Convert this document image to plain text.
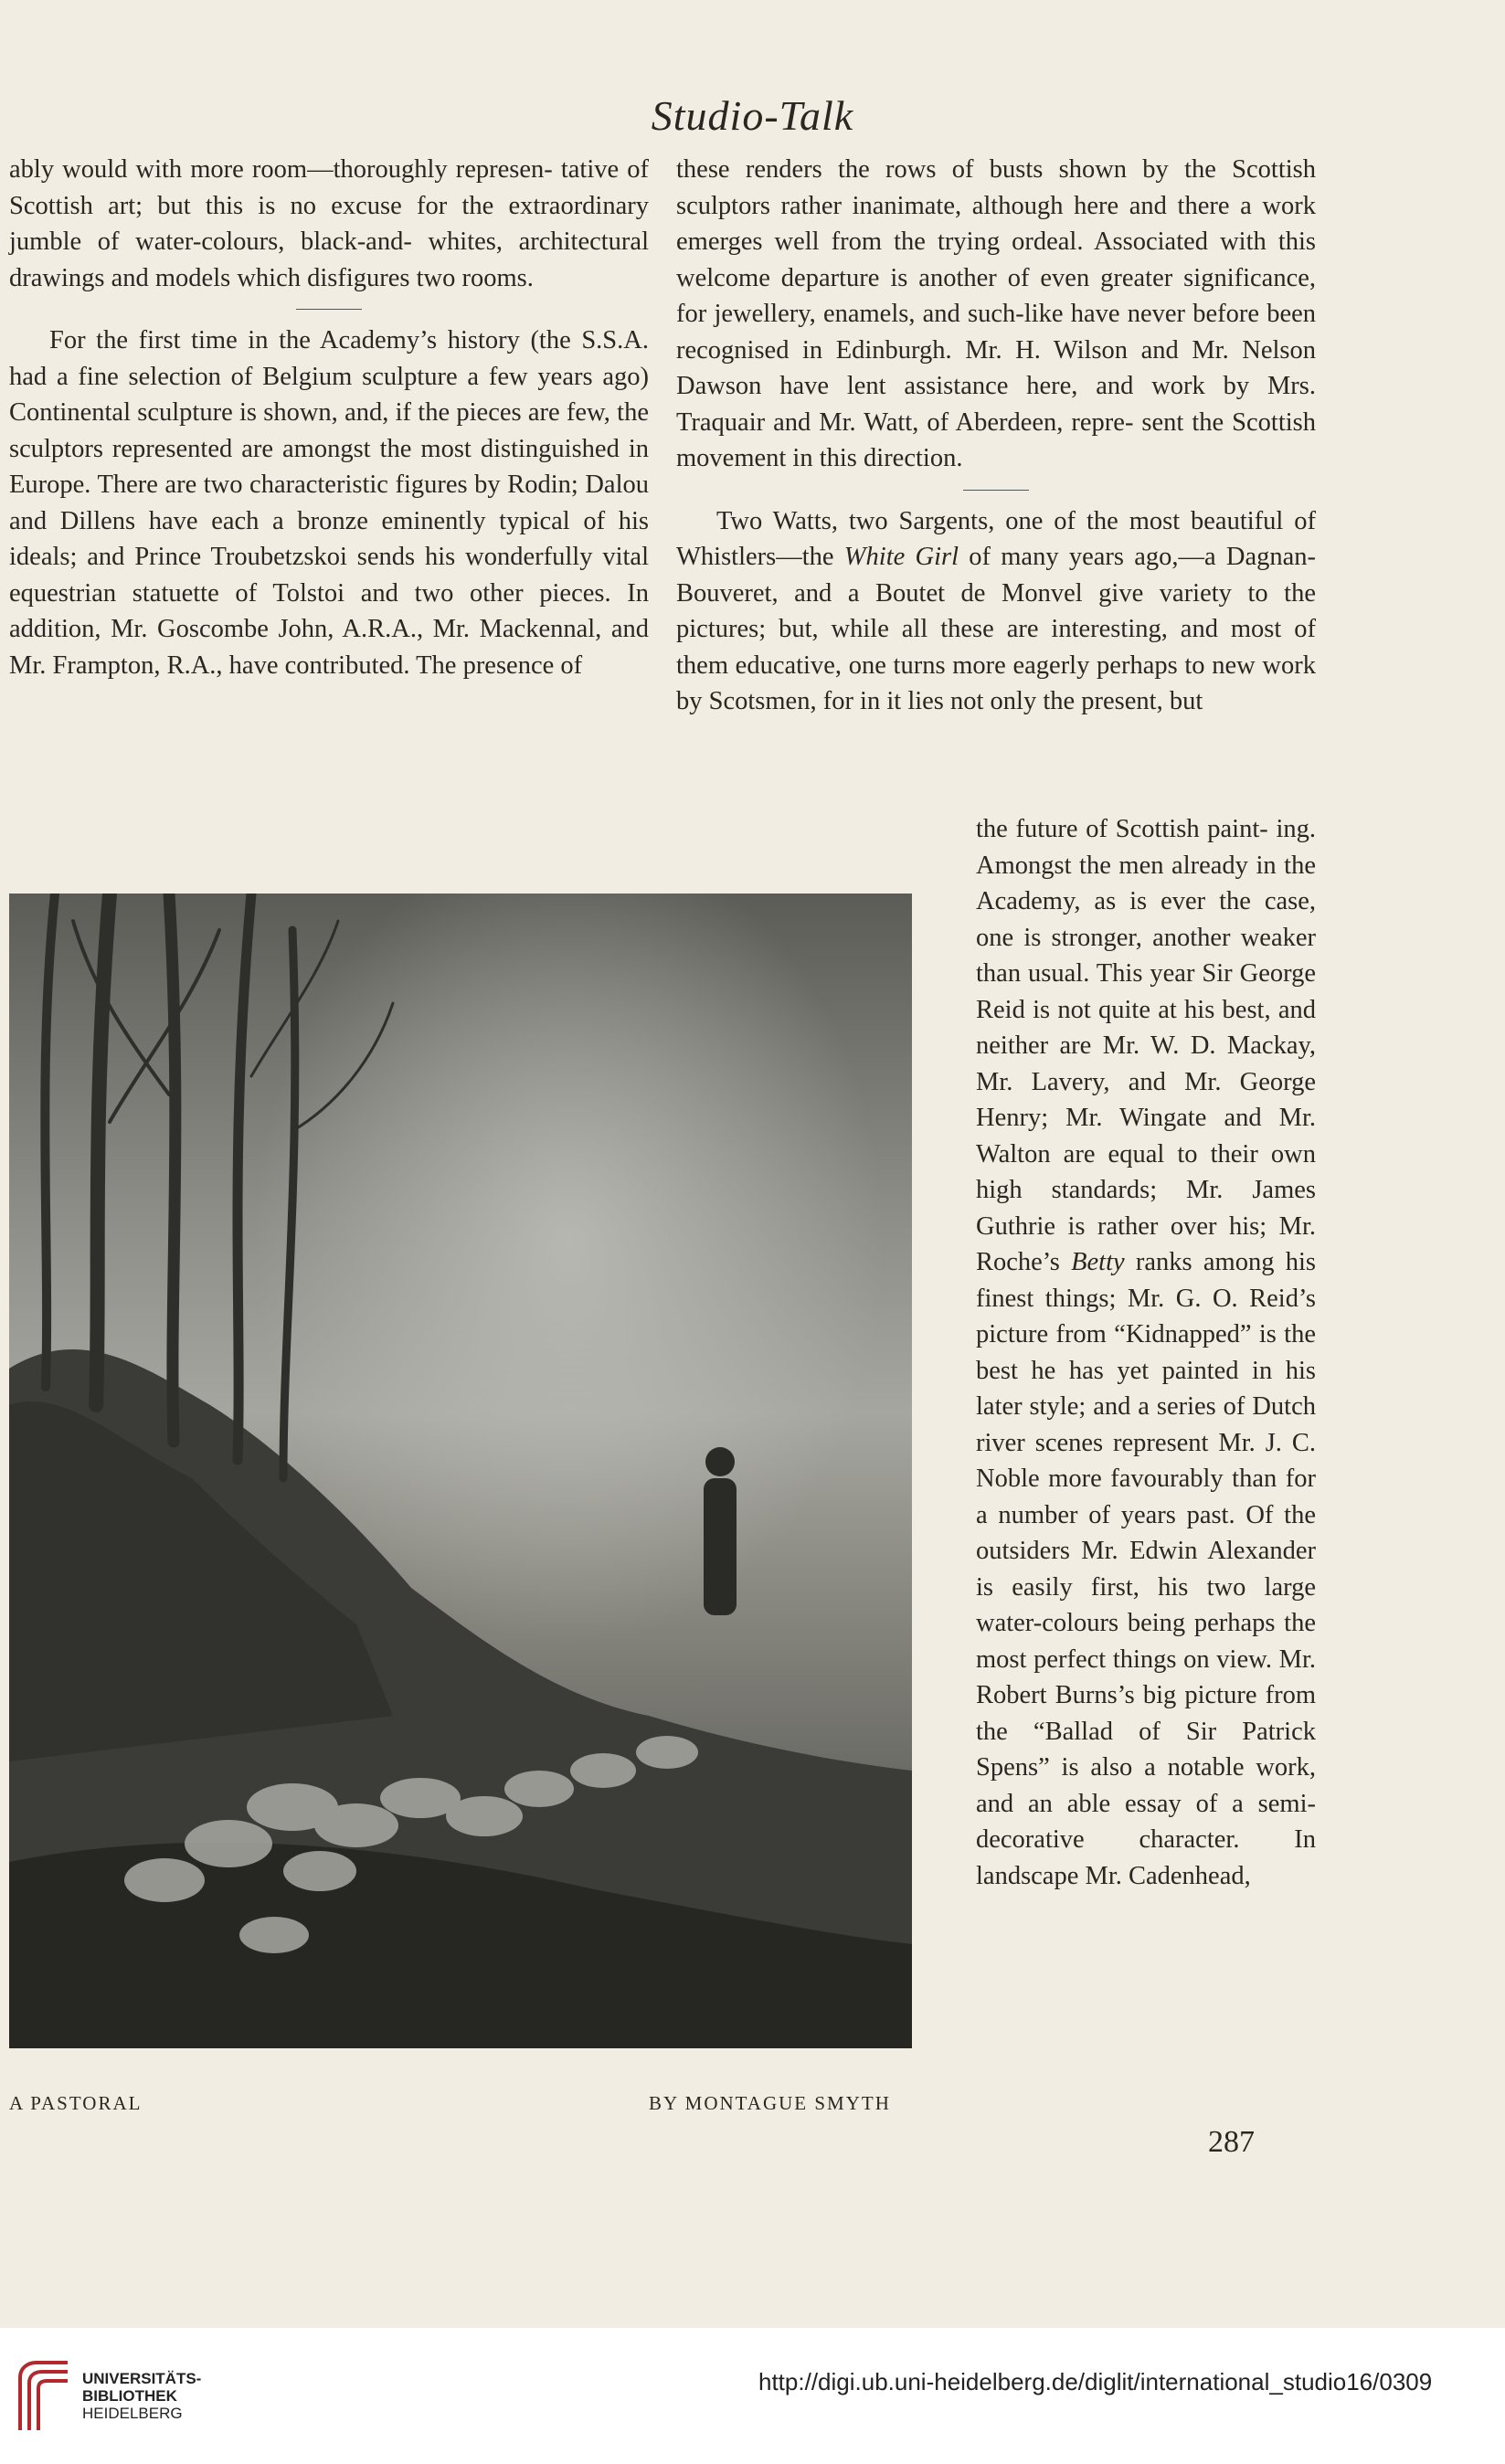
Studio-Talk

ably would with more room—thoroughly represen- tative of Scottish art; but this is no excuse for the extraordinary jumble of water-colours, black-and- whites, architectural drawings and models which disfigures two rooms.

For the first time in the Academy’s history (the S.S.A. had a fine selection of Belgium sculpture a few years ago) Continental sculpture is shown, and, if the pieces are few, the sculptors represented are amongst the most distinguished in Europe. There are two characteristic figures by Rodin; Dalou and Dillens have each a bronze eminently typical of his ideals; and Prince Troubetzskoi sends his wonderfully vital equestrian statuette of Tolstoi and two other pieces. In addition, Mr. Goscombe John, A.R.A., Mr. Mackennal, and Mr. Frampton, R.A., have contributed. The presence of

these renders the rows of busts shown by the Scottish sculptors rather inanimate, although here and there a work emerges well from the trying ordeal. Associated with this welcome departure is another of even greater significance, for jewellery, enamels, and such-like have never before been recognised in Edinburgh. Mr. H. Wilson and Mr. Nelson Dawson have lent assistance here, and work by Mrs. Traquair and Mr. Watt, of Aberdeen, repre- sent the Scottish movement in this direction.

Two Watts, two Sargents, one of the most beautiful of Whistlers—the White Girl of many years ago,—a Dagnan-Bouveret, and a Boutet de Monvel give variety to the pictures; but, while all these are interesting, and most of them educative, one turns more eagerly perhaps to new work by Scotsmen, for in it lies not only the present, but

the future of Scottish paint- ing. Amongst the men already in the Academy, as is ever the case, one is stronger, another weaker than usual. This year Sir George Reid is not quite at his best, and neither are Mr. W. D. Mackay, Mr. Lavery, and Mr. George Henry; Mr. Wingate and Mr. Walton are equal to their own high standards; Mr. James Guthrie is rather over his; Mr. Roche’s Betty ranks among his finest things; Mr. G. O. Reid’s picture from “Kidnapped” is the best he has yet painted in his later style; and a series of Dutch river scenes represent Mr. J. C. Noble more favourably than for a number of years past. Of the outsiders Mr. Edwin Alexander is easily first, his two large water-colours being perhaps the most perfect things on view. Mr. Robert Burns’s big picture from the “Ballad of Sir Patrick Spens” is also a notable work, and an able essay of a semi- decorative character. In landscape Mr. Cadenhead,

A PASTORAL	BY MONTAGUE SMYTH
287
UNIVERSITÄTS-
BIBLIOTHEK
HEIDELBERG
http://digi.ub.uni-heidelberg.de/diglit/international_studio16/0309
